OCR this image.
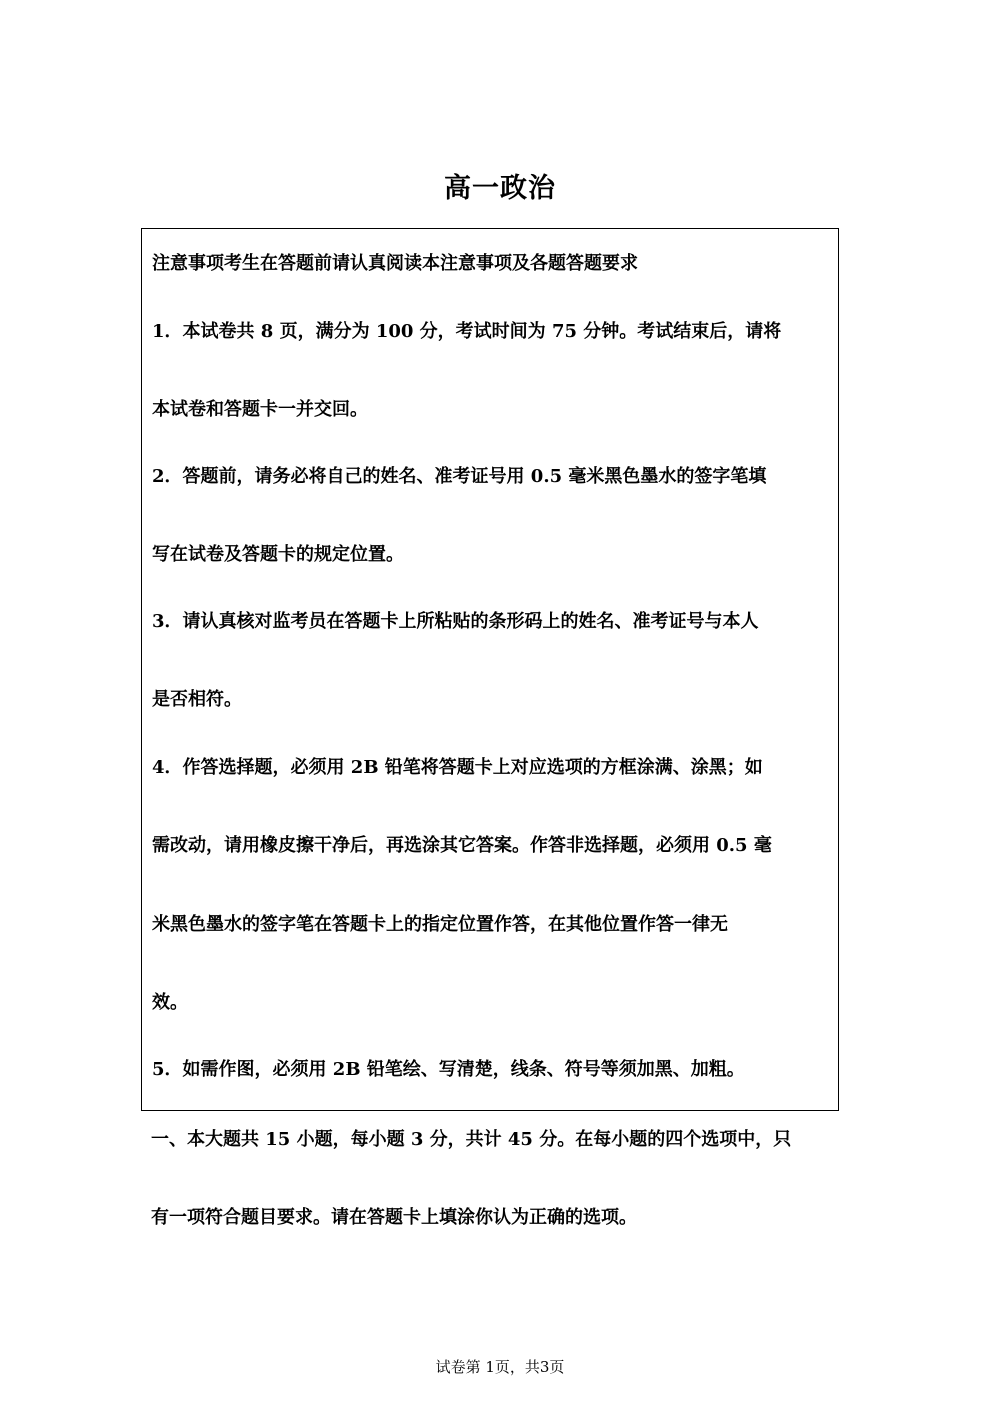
高一政治
注意事项考生在答题前请认真阅读本注意事项及各题答题要求
1．本试卷共 8 页，满分为 100 分，考试时间为 75 分钟。考试结束后，请将
本试卷和答题卡一并交回。
2．答题前，请务必将自己的姓名、准考证号用 0.5 毫米黑色墨水的签字笔填
写在试卷及答题卡的规定位置。
3．请认真核对监考员在答题卡上所粘贴的条形码上的姓名、准考证号与本人
是否相符。
4．作答选择题，必须用 2B 铅笔将答题卡上对应选项的方框涂满、涂黑；如
需改动，请用橡皮擦干净后，再选涂其它答案。作答非选择题，必须用 0.5 毫
米黑色墨水的签字笔在答题卡上的指定位置作答，在其他位置作答一律无
效。
5．如需作图，必须用 2B 铅笔绘、写清楚，线条、符号等须加黑、加粗。
一、本大题共 15 小题，每小题 3 分，共计 45 分。在每小题的四个选项中，只
有一项符合题目要求。请在答题卡上填涂你认为正确的选项。
试卷第 1页，共3页
